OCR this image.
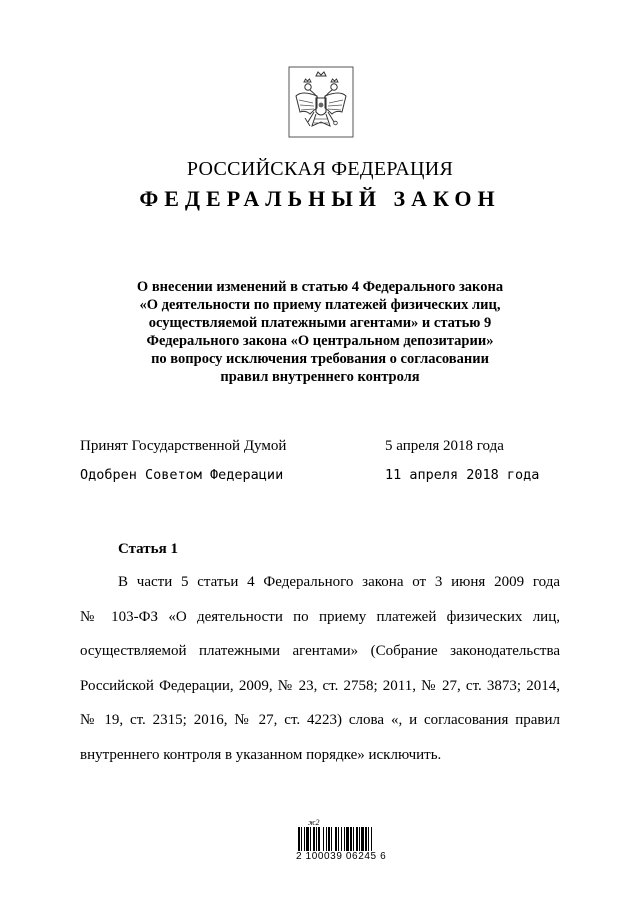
РОССИЙСКАЯ ФЕДЕРАЦИЯ
ФЕДЕРАЛЬНЫЙ ЗАКОН
О внесении изменений в статью 4 Федерального закона
«О деятельности по приему платежей физических лиц,
осуществляемой платежными агентами» и статью 9
Федерального закона «О центральном депозитарии»
по вопросу исключения требования о согласовании
правил внутреннего контроля
Принят Государственной Думой	5 апреля 2018 года
Одобрен Советом Федерации	11 апреля 2018 года
Статья 1
В части 5 статьи 4 Федерального закона от 3 июня 2009 года
№ 103-ФЗ «О деятельности по приему платежей физических лиц,
осуществляемой платежными агентами» (Собрание законодательства
Российской Федерации, 2009, № 23, ст. 2758; 2011, № 27, ст. 3873; 2014,
№ 19, ст. 2315; 2016, № 27, ст. 4223) слова «, и согласования правил
внутреннего контроля в указанном порядке» исключить.
ж2
2 100039 06245 6
